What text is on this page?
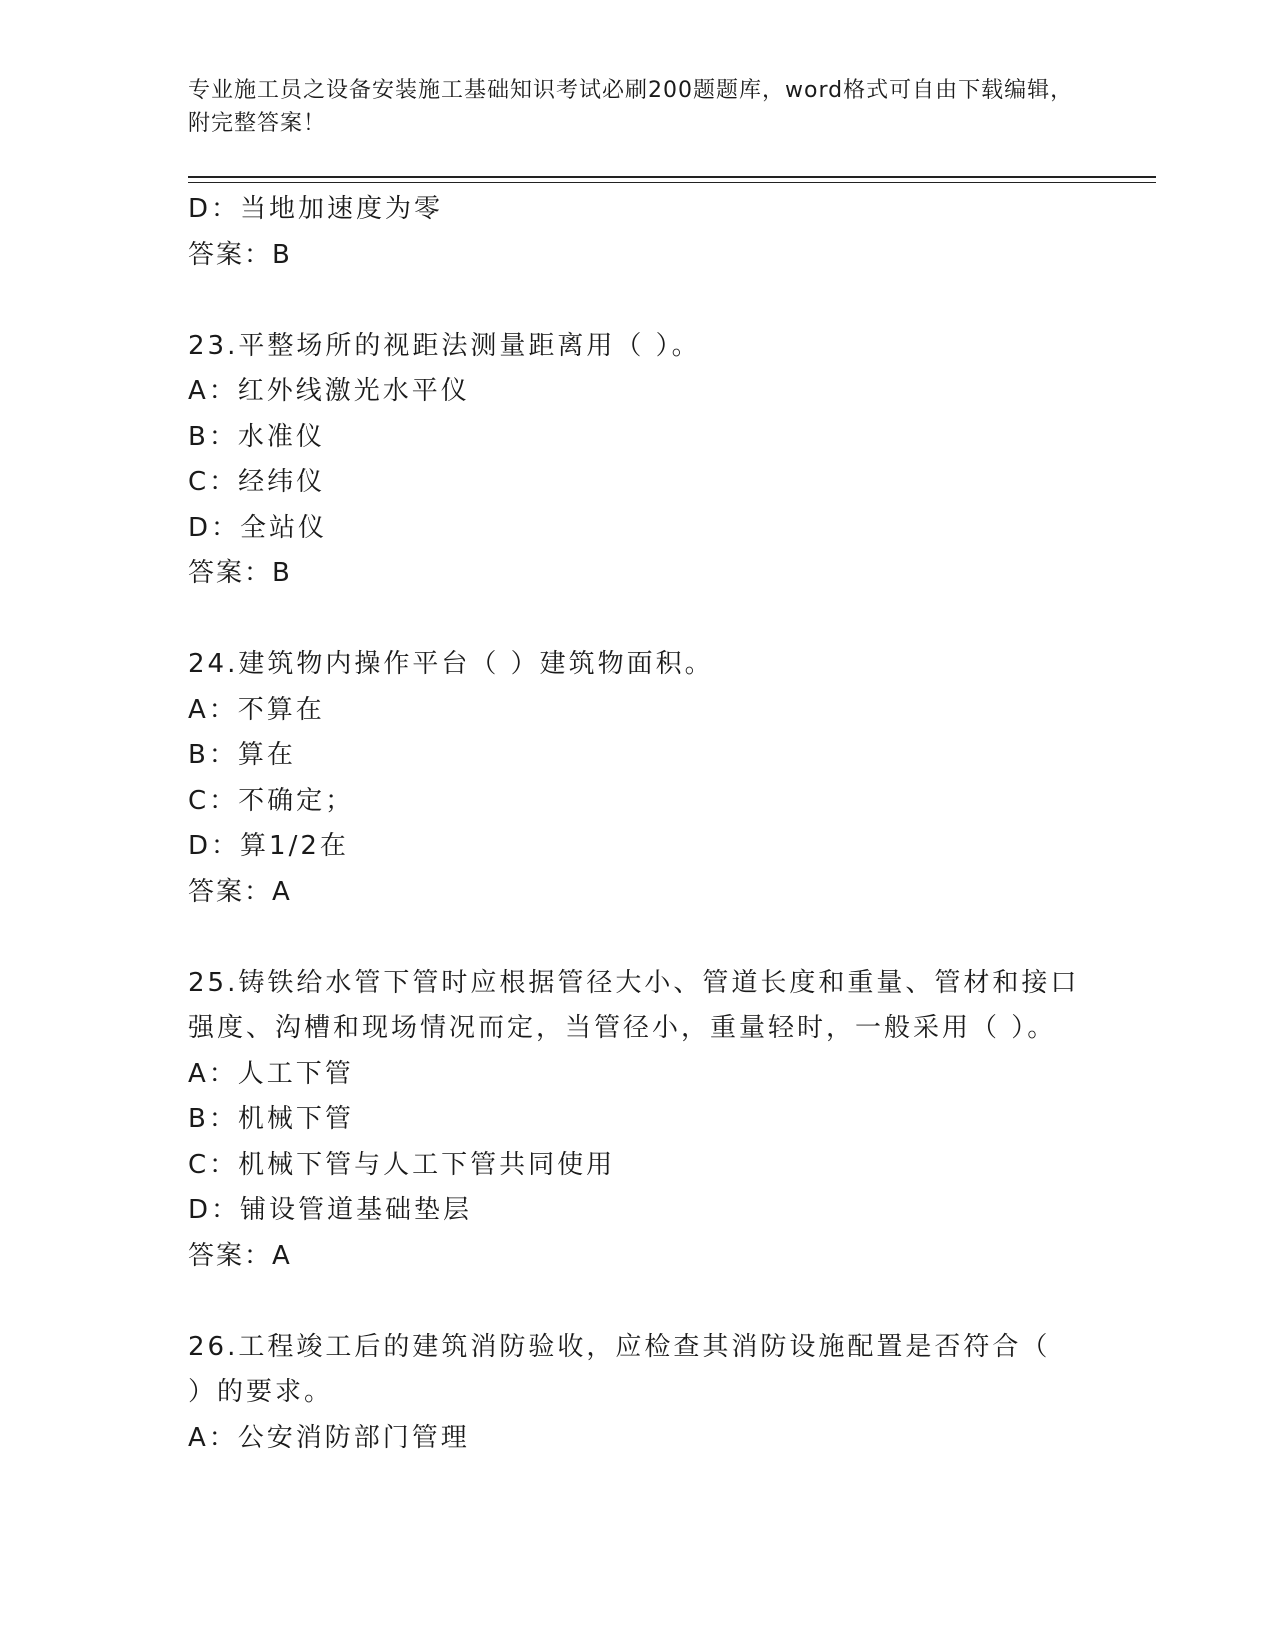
专业施工员之设备安装施工基础知识考试必刷200题题库，word格式可自由下载编辑，附完整答案！
D：当地加速度为零
答案：B
23.平整场所的视距法测量距离用（ ）。
A：红外线激光水平仪
B：水准仪
C：经纬仪
D：全站仪
答案：B
24.建筑物内操作平台（ ）建筑物面积。
A：不算在
B：算在
C：不确定；
D：算1/2在
答案：A
25.铸铁给水管下管时应根据管径大小、管道长度和重量、管材和接口
强度、沟槽和现场情况而定，当管径小，重量轻时，一般采用（ ）。
A：人工下管
B：机械下管
C：机械下管与人工下管共同使用
D：铺设管道基础垫层
答案：A
26.工程竣工后的建筑消防验收，应检查其消防设施配置是否符合（
）的要求。
A：公安消防部门管理
